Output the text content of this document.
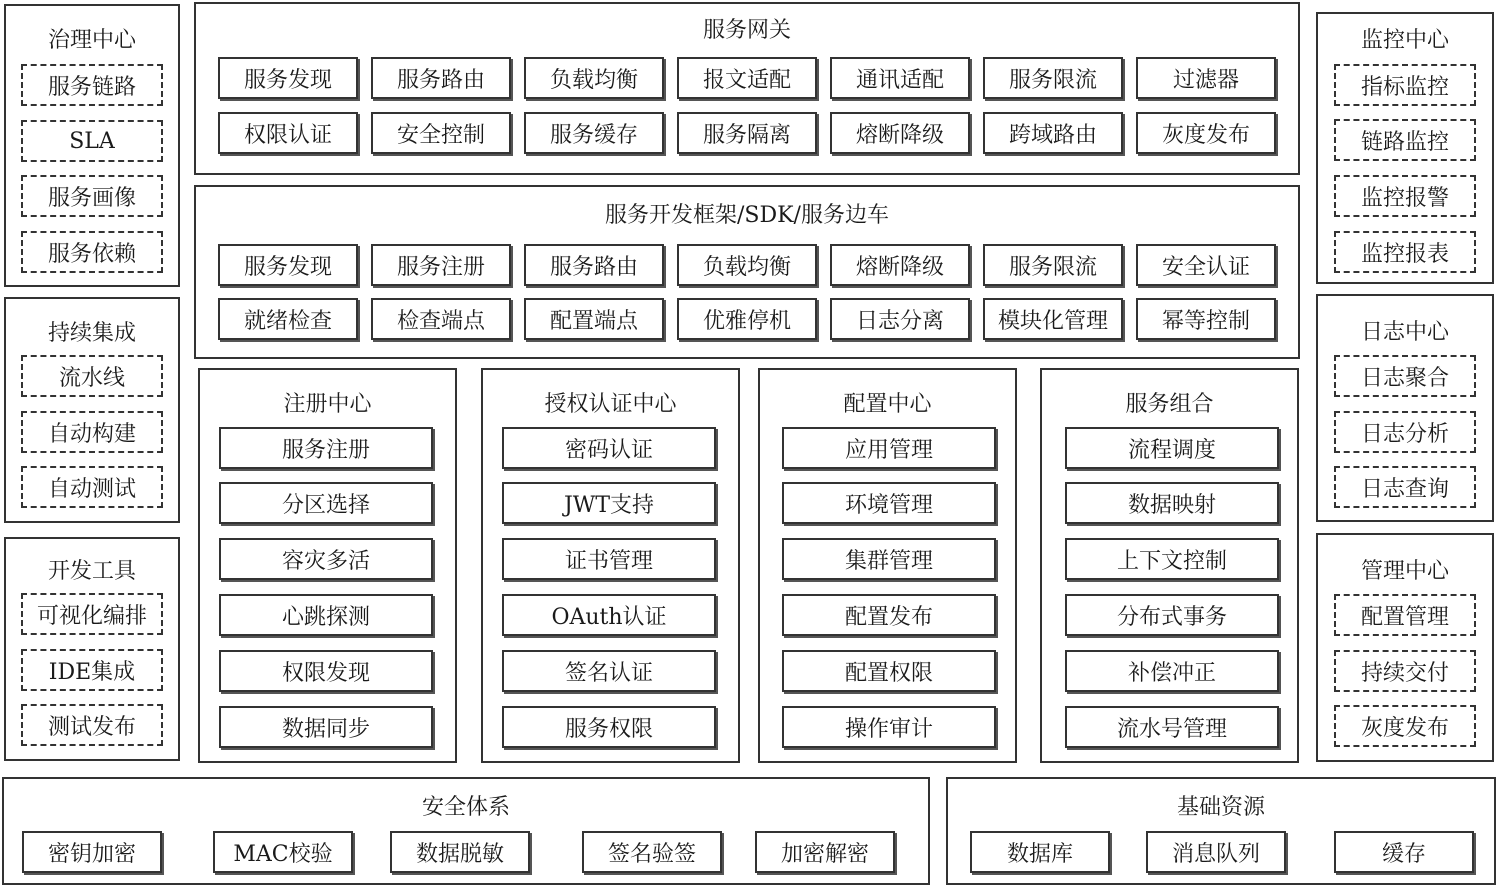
治理中心
服务链路
SLA
服务画像
服务依赖
持续集成
流水线
自动构建
自动测试
开发工具
可视化编排
IDE集成
测试发布
服务网关
服务发现	服务路由	负载均衡	报文适配	通讯适配	服务限流	过滤器
权限认证	安全控制	服务缓存	服务隔离	熔断降级	跨域路由	灰度发布
服务开发框架/SDK/服务边车
服务发现	服务注册	服务路由	负载均衡	熔断降级	服务限流	安全认证
就绪检查	检查端点	配置端点	优雅停机	日志分离	模块化管理	幂等控制
注册中心
服务注册
分区选择
容灾多活
心跳探测
权限发现
数据同步
授权认证中心
密码认证
JWT支持
证书管理
OAuth认证
签名认证
服务权限
配置中心
应用管理
环境管理
集群管理
配置发布
配置权限
操作审计
服务组合
流程调度
数据映射
上下文控制
分布式事务
补偿冲正
流水号管理
监控中心
指标监控
链路监控
监控报警
监控报表
日志中心
日志聚合
日志分析
日志查询
管理中心
配置管理
持续交付
灰度发布
安全体系
密钥加密	MAC校验	数据脱敏	签名验签	加密解密
基础资源
数据库	消息队列	缓存
